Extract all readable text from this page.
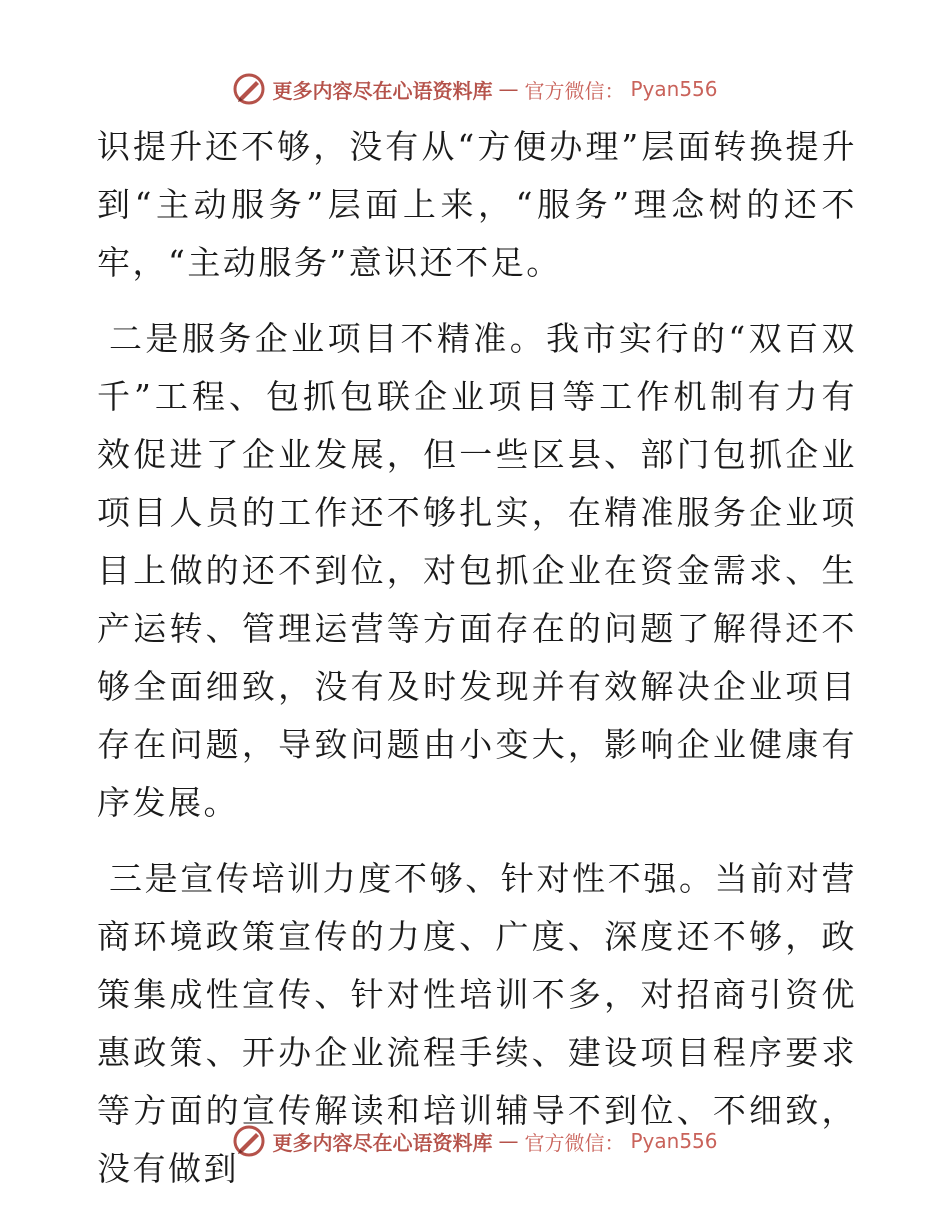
更多内容尽在心语资料库 — 官方微信： Pyan556

识提升还不够，没有从“方便办理”层面转换提升到“主动服务”层面上来，“服务”理念树的还不牢，“主动服务”意识还不足。

二是服务企业项目不精准。我市实行的“双百双千”工程、包抓包联企业项目等工作机制有力有效促进了企业发展，但一些区县、部门包抓企业项目人员的工作还不够扎实，在精准服务企业项目上做的还不到位，对包抓企业在资金需求、生产运转、管理运营等方面存在的问题了解得还不够全面细致，没有及时发现并有效解决企业项目存在问题，导致问题由小变大，影响企业健康有序发展。

三是宣传培训力度不够、针对性不强。当前对营商环境政策宣传的力度、广度、深度还不够，政策集成性宣传、针对性培训不多，对招商引资优惠政策、开办企业流程手续、建设项目程序要求等方面的宣传解读和培训辅导不到位、不细致，没有做到

更多内容尽在心语资料库 — 官方微信： Pyan556
